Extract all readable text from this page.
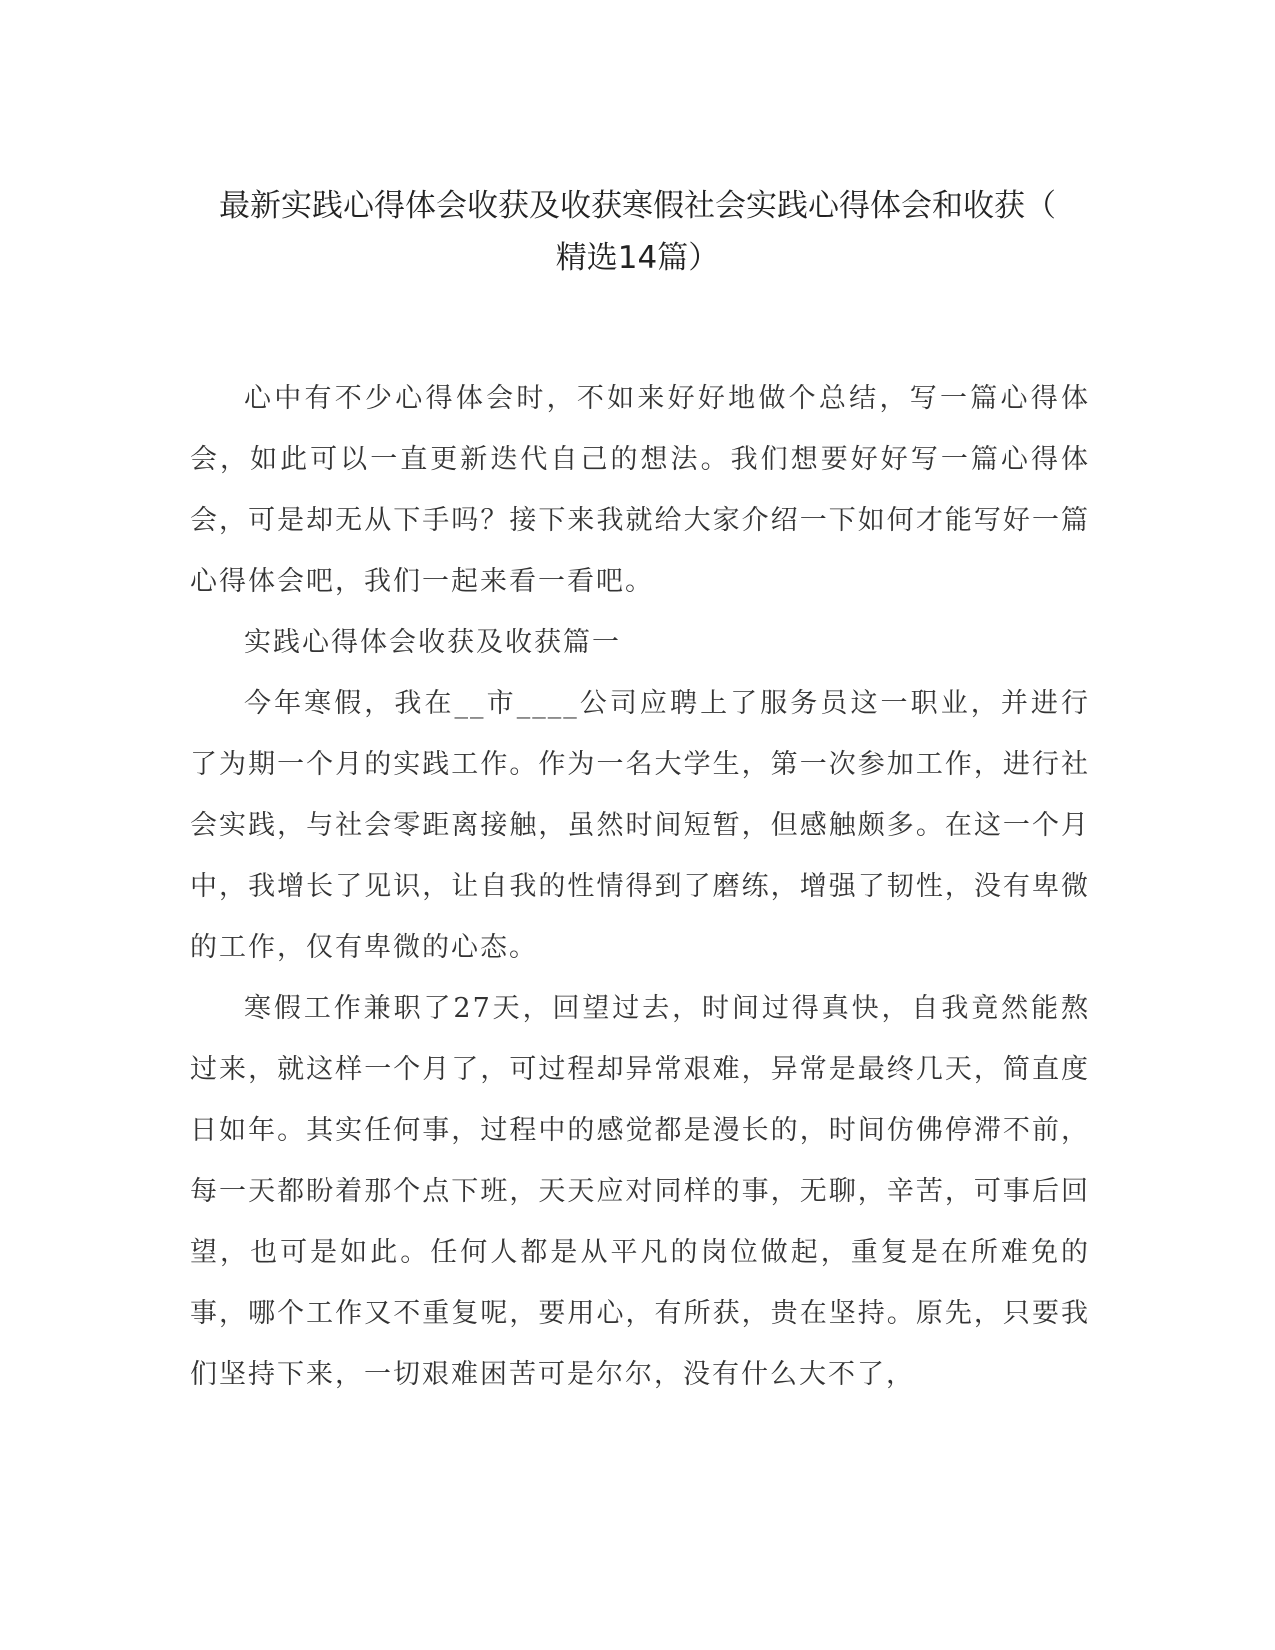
最新实践心得体会收获及收获寒假社会实践心得体会和收获（
精选14篇）

心中有不少心得体会时，不如来好好地做个总结，写一篇心得体会，如此可以一直更新迭代自己的想法。我们想要好好写一篇心得体会，可是却无从下手吗？接下来我就给大家介绍一下如何才能写好一篇心得体会吧，我们一起来看一看吧。

实践心得体会收获及收获篇一

今年寒假，我在__市____公司应聘上了服务员这一职业，并进行了为期一个月的实践工作。作为一名大学生，第一次参加工作，进行社会实践，与社会零距离接触，虽然时间短暂，但感触颇多。在这一个月中，我增长了见识，让自我的性情得到了磨练，增强了韧性，没有卑微的工作，仅有卑微的心态。

寒假工作兼职了27天，回望过去，时间过得真快，自我竟然能熬过来，就这样一个月了，可过程却异常艰难，异常是最终几天，简直度日如年。其实任何事，过程中的感觉都是漫长的，时间仿佛停滞不前，每一天都盼着那个点下班，天天应对同样的事，无聊，辛苦，可事后回望，也可是如此。任何人都是从平凡的岗位做起，重复是在所难免的事，哪个工作又不重复呢，要用心，有所获，贵在坚持。原先，只要我们坚持下来，一切艰难困苦可是尔尔，没有什么大不了，
